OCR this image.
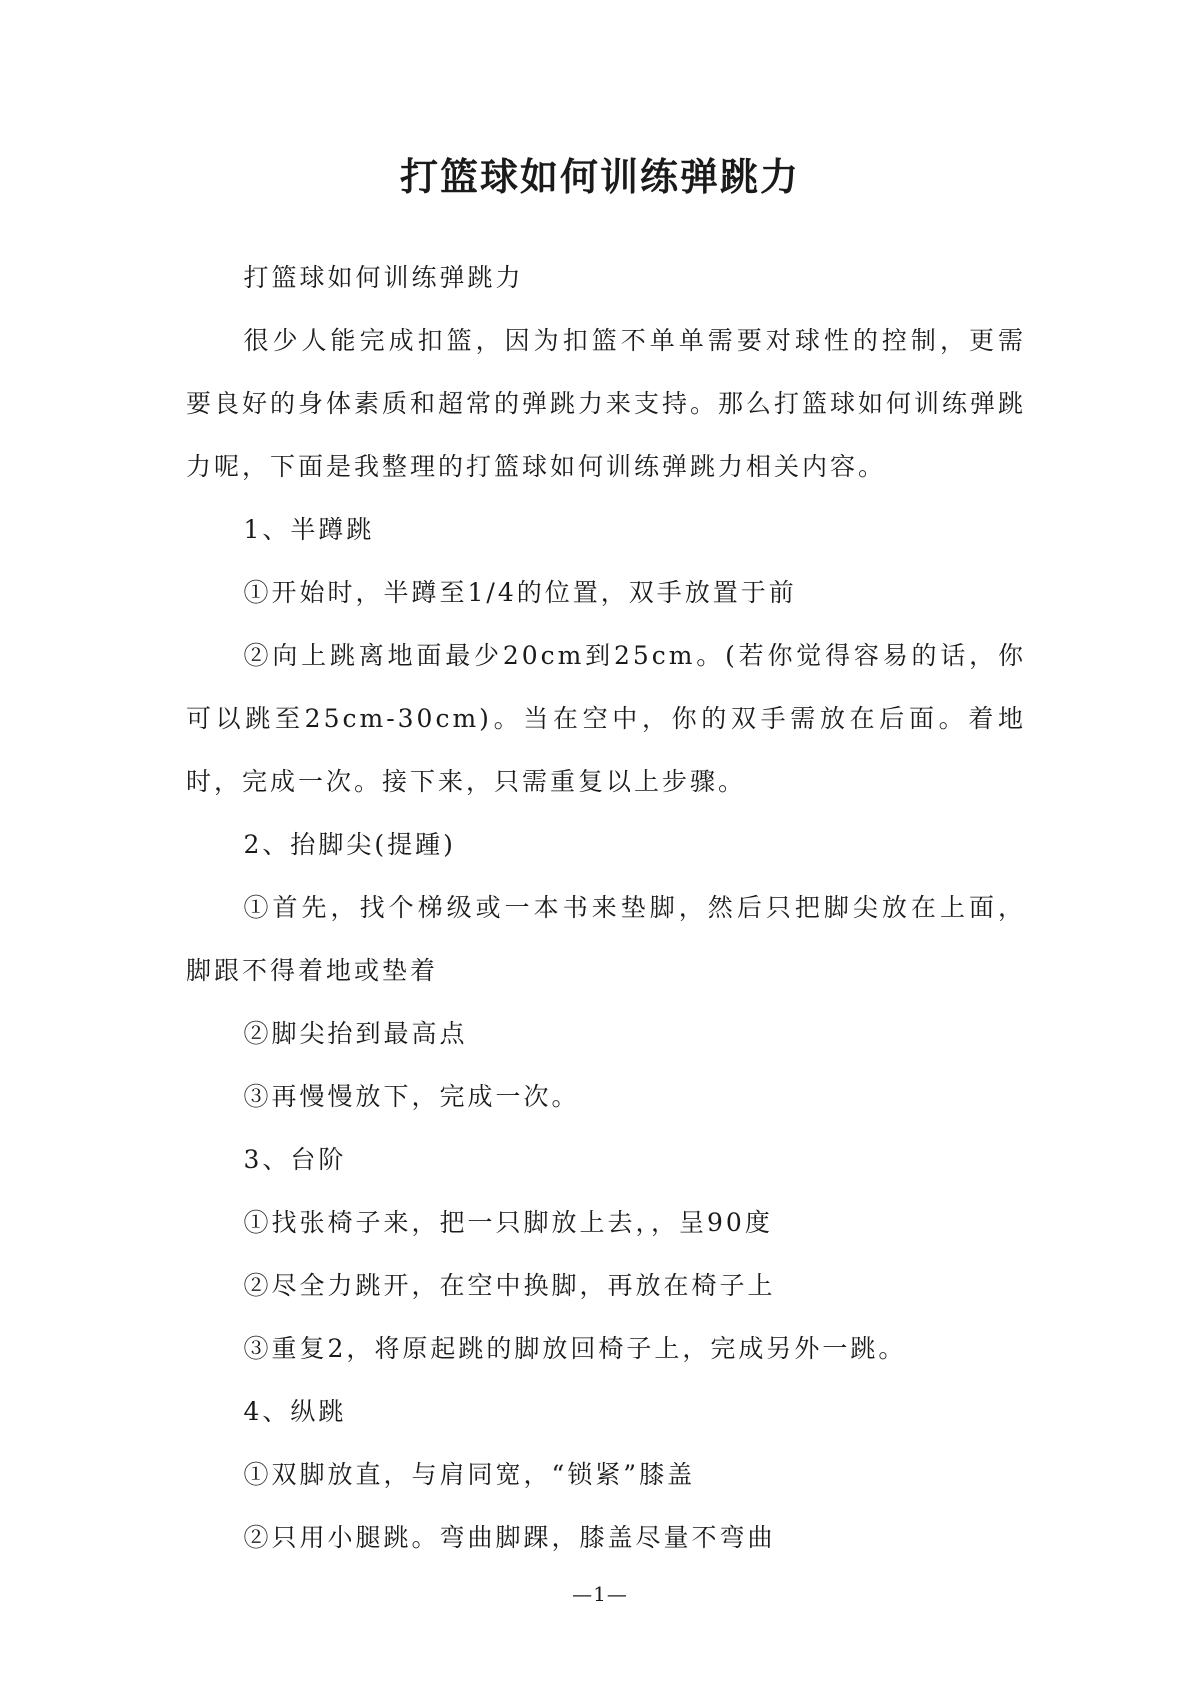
打篮球如何训练弹跳力

打篮球如何训练弹跳力

很少人能完成扣篮，因为扣篮不单单需要对球性的控制，更需要良好的身体素质和超常的弹跳力来支持。那么打篮球如何训练弹跳力呢，下面是我整理的打篮球如何训练弹跳力相关内容。

1、半蹲跳

①开始时，半蹲至1/4的位置，双手放置于前

②向上跳离地面最少20cm到25cm。(若你觉得容易的话，你可以跳至25cm-30cm)。当在空中，你的双手需放在后面。着地时，完成一次。接下来，只需重复以上步骤。

2、抬脚尖(提踵)

①首先，找个梯级或一本书来垫脚，然后只把脚尖放在上面，脚跟不得着地或垫着

②脚尖抬到最高点

③再慢慢放下，完成一次。

3、台阶

①找张椅子来，把一只脚放上去，，呈90度

②尽全力跳开，在空中换脚，再放在椅子上

③重复2，将原起跳的脚放回椅子上，完成另外一跳。

4、纵跳

①双脚放直，与肩同宽，“锁紧”膝盖

②只用小腿跳。弯曲脚踝，膝盖尽量不弯曲

—1—
